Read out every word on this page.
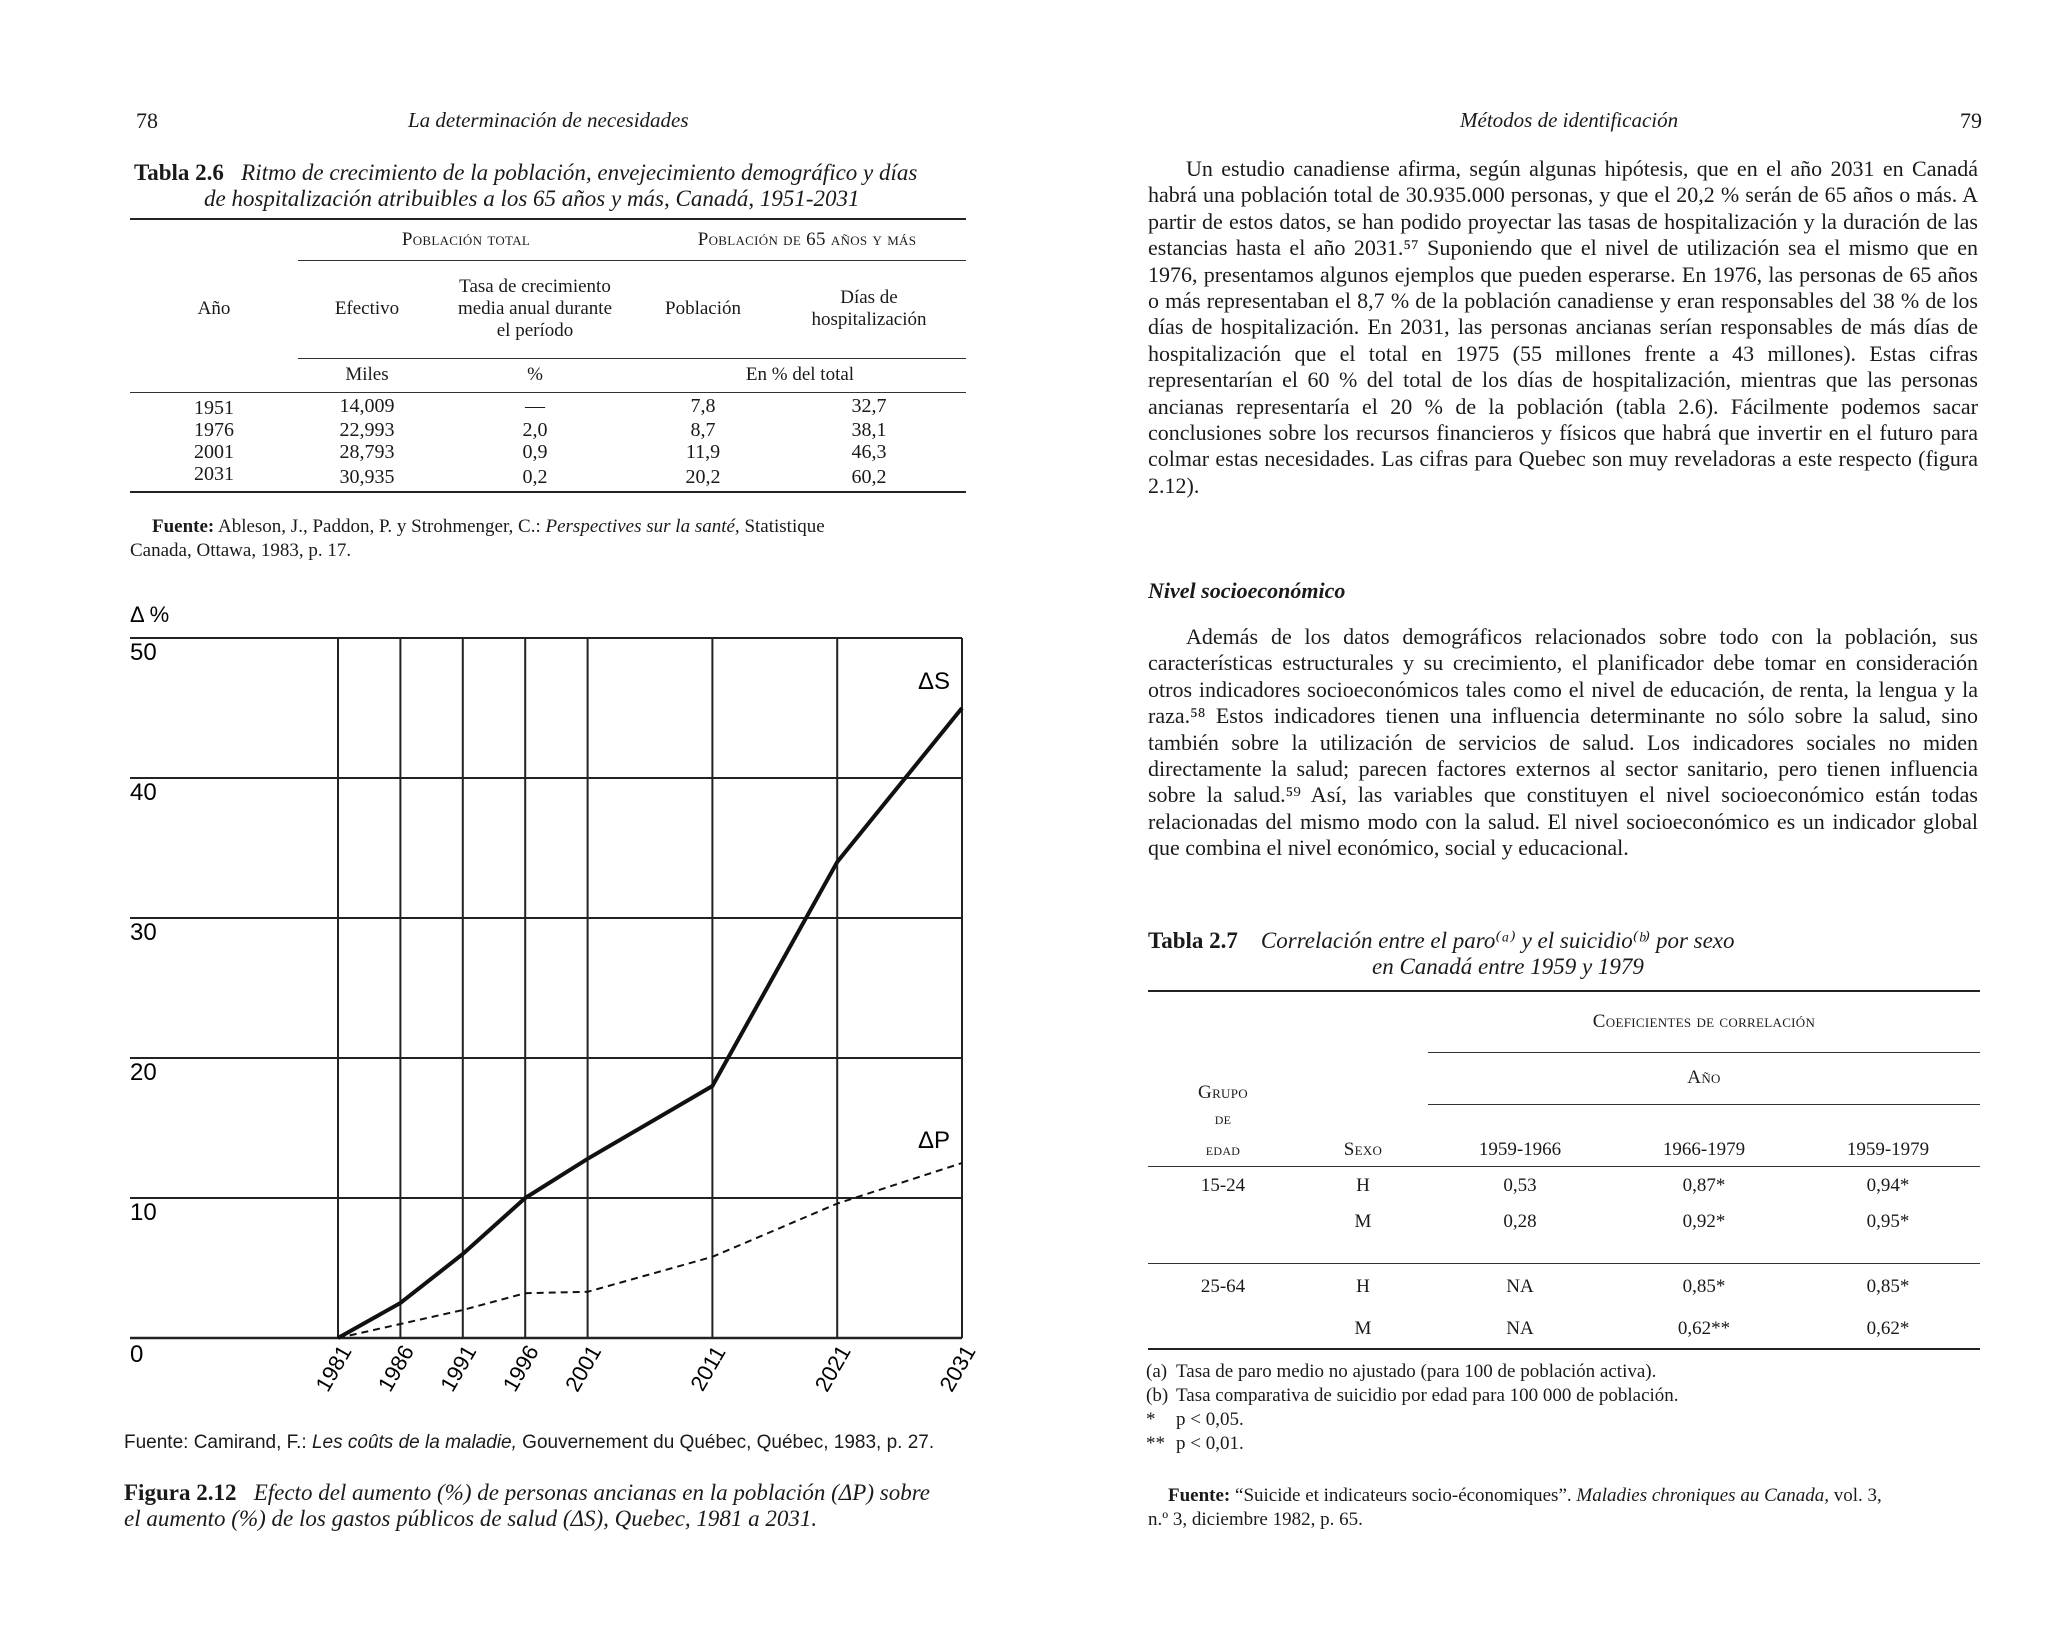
78	La determinación de necesidades
Tabla 2.6 Ritmo de crecimiento de la población, envejecimiento demográfico y días
de hospitalización atribuibles a los 65 años y más, Canadá, 1951-2031
	Población total		Población de 65 años y más	
Año	Efectivo	Tasa de crecimiento media anual durante el período	Población	Días de hospitalización
	Miles	%	En % del total	
1951	14,009	—	7,8	32,7
1976	22,993	2,0	8,7	38,1
2001	28,793	0,9	11,9	46,3
2031	30,935	0,2	20,2	60,2
Fuente: Ableson, J., Paddon, P. y Strohmenger, C.: Perspectives sur la santé, Statistique
Canada, Ottawa, 1983, p. 17.
0
10
20
30
40
50
1981 1986 1991 1996 2001	2011	2021	2031
Δ %
ΔS
ΔP
Fuente: Camirand, F.: Les coûts de la maladie, Gouvernement du Québec, Québec, 1983, p. 27.
Figura 2.12 Efecto del aumento (%) de personas ancianas en la población (ΔP) sobre
el aumento (%) de los gastos públicos de salud (ΔS), Quebec, 1981 a 2031.
Métodos de identificación	79

Un estudio canadiense afirma, según algunas hipótesis, que en el año 2031 en Canadá habrá una población total de 30.935.000 personas, y que el 20,2 % serán de 65 años o más. A partir de estos datos, se han podido proyectar las tasas de hospitalización y la duración de las estancias hasta el año 2031.⁵⁷ Suponiendo que el nivel de utilización sea el mismo que en 1976, presentamos algunos ejemplos que pueden esperarse. En 1976, las personas de 65 años o más representaban el 8,7 % de la población canadiense y eran responsables del 38 % de los días de hospitalización. En 2031, las personas ancianas serían responsables de más días de hospitalización que el total en 1975 (55 millones frente a 43 millones). Estas cifras representarían el 60 % del total de los días de hospitalización, mientras que las personas ancianas representaría el 20 % de la población (tabla 2.6). Fácilmente podemos sacar conclusiones sobre los recursos financieros y físicos que habrá que invertir en el futuro para colmar estas necesidades. Las cifras para Quebec son muy reveladoras a este respecto (figura 2.12).

Nivel socioeconómico

Además de los datos demográficos relacionados sobre todo con la población, sus características estructurales y su crecimiento, el planificador debe tomar en consideración otros indicadores socioeconómicos tales como el nivel de educación, de renta, la lengua y la raza.⁵⁸ Estos indicadores tienen una influencia determinante no sólo sobre la salud, sino también sobre la utilización de servicios de salud. Los indicadores sociales no miden directamente la salud; parecen factores externos al sector sanitario, pero tienen influencia sobre la salud.⁵⁹ Así, las variables que constituyen el nivel socioeconómico están todas relacionadas del mismo modo con la salud. El nivel socioeconómico es un indicador global que combina el nivel económico, social y educacional.

Tabla 2.7 Correlación entre el paro⁽ᵃ⁾ y el suicidio⁽ᵇ⁾ por sexo
en Canadá entre 1959 y 1979
		Coeficientes de correlación		
Grupo		Año		
de				
edad	Sexo	1959-1966	1966-1979	1959-1979
15-24	H	0,53	0,87*	0,94*
	M	0,28	0,92*	0,95*
25-64	H	NA	0,85*	0,85*
	M	NA	0,62**	0,62*
(a) Tasa de paro medio no ajustado (para 100 de población activa).
(b) Tasa comparativa de suicidio por edad para 100 000 de población.
* p < 0,05.
** p < 0,01.
Fuente: “Suicide et indicateurs socio-économiques”. Maladies chroniques au Canada, vol. 3,
n.º 3, diciembre 1982, p. 65.
